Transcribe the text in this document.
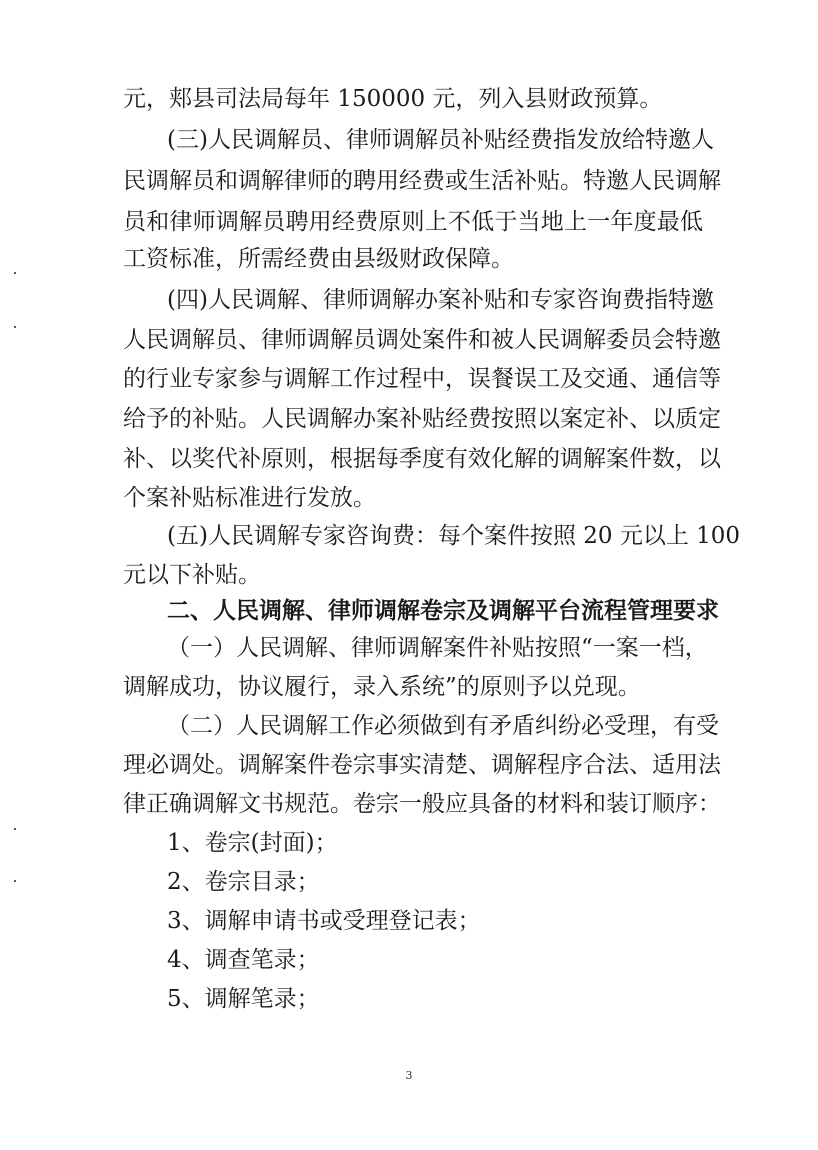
元，郏县司法局每年 150000 元，列入县财政预算。
(三)人民调解员、律师调解员补贴经费指发放给特邀人
民调解员和调解律师的聘用经费或生活补贴。特邀人民调解
员和律师调解员聘用经费原则上不低于当地上一年度最低
工资标准，所需经费由县级财政保障。
(四)人民调解、律师调解办案补贴和专家咨询费指特邀
人民调解员、律师调解员调处案件和被人民调解委员会特邀
的行业专家参与调解工作过程中，误餐误工及交通、通信等
给予的补贴。人民调解办案补贴经费按照以案定补、以质定
补、以奖代补原则，根据每季度有效化解的调解案件数，以
个案补贴标准进行发放。
(五)人民调解专家咨询费：每个案件按照 20 元以上 100
元以下补贴。
二、人民调解、律师调解卷宗及调解平台流程管理要求
（一）人民调解、律师调解案件补贴按照“一案一档，
调解成功，协议履行，录入系统”的原则予以兑现。
（二）人民调解工作必须做到有矛盾纠纷必受理，有受
理必调处。调解案件卷宗事实清楚、调解程序合法、适用法
律正确调解文书规范。卷宗一般应具备的材料和装订顺序：
1、卷宗(封面)；
2、卷宗目录；
3、调解申请书或受理登记表；
4、调查笔录；
5、调解笔录；
3
